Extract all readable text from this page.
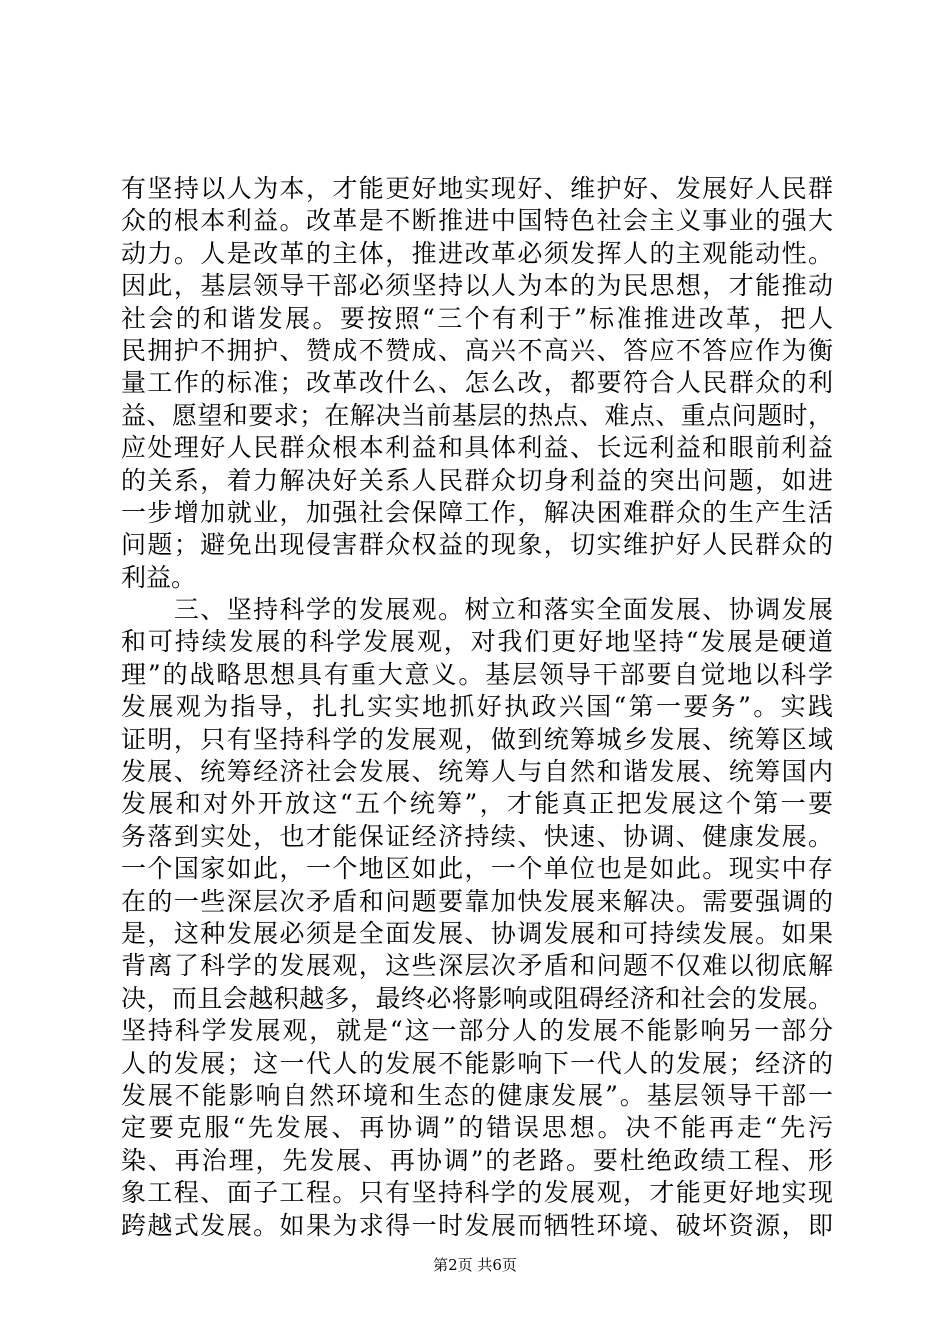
有坚持以人为本，才能更好地实现好、维护好、发展好人民群
众的根本利益。改革是不断推进中国特色社会主义事业的强大
动力。人是改革的主体，推进改革必须发挥人的主观能动性。
因此，基层领导干部必须坚持以人为本的为民思想，才能推动
社会的和谐发展。要按照“三个有利于”标准推进改革，把人
民拥护不拥护、赞成不赞成、高兴不高兴、答应不答应作为衡
量工作的标准；改革改什么、怎么改，都要符合人民群众的利
益、愿望和要求；在解决当前基层的热点、难点、重点问题时，
应处理好人民群众根本利益和具体利益、长远利益和眼前利益
的关系，着力解决好关系人民群众切身利益的突出问题，如进
一步增加就业，加强社会保障工作，解决困难群众的生产生活
问题；避免出现侵害群众权益的现象，切实维护好人民群众的
利益。
　　三、坚持科学的发展观。树立和落实全面发展、协调发展
和可持续发展的科学发展观，对我们更好地坚持“发展是硬道
理”的战略思想具有重大意义。基层领导干部要自觉地以科学
发展观为指导，扎扎实实地抓好执政兴国“第一要务”。实践
证明，只有坚持科学的发展观，做到统筹城乡发展、统筹区域
发展、统筹经济社会发展、统筹人与自然和谐发展、统筹国内
发展和对外开放这“五个统筹”，才能真正把发展这个第一要
务落到实处，也才能保证经济持续、快速、协调、健康发展。
一个国家如此，一个地区如此，一个单位也是如此。现实中存
在的一些深层次矛盾和问题要靠加快发展来解决。需要强调的
是，这种发展必须是全面发展、协调发展和可持续发展。如果
背离了科学的发展观，这些深层次矛盾和问题不仅难以彻底解
决，而且会越积越多，最终必将影响或阻碍经济和社会的发展。
坚持科学发展观，就是“这一部分人的发展不能影响另一部分
人的发展；这一代人的发展不能影响下一代人的发展；经济的
发展不能影响自然环境和生态的健康发展”。基层领导干部一
定要克服“先发展、再协调”的错误思想。决不能再走“先污
染、再治理，先发展、再协调”的老路。要杜绝政绩工程、形
象工程、面子工程。只有坚持科学的发展观，才能更好地实现
跨越式发展。如果为求得一时发展而牺牲环境、破坏资源，即
第2页 共6页
